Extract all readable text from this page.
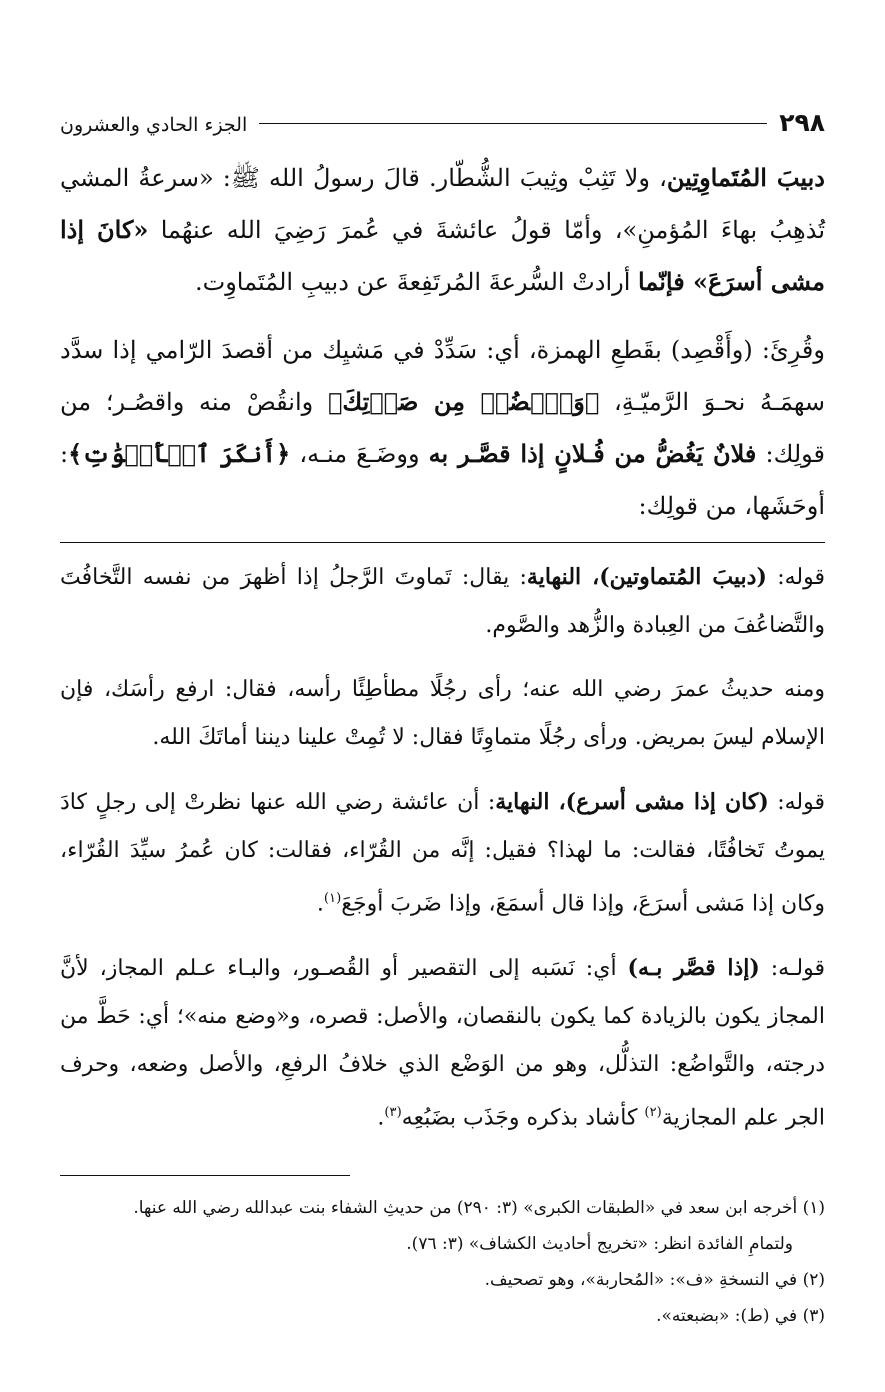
٢٩٨
الجزء الحادي والعشرون

دبيبَ المُتَماوِتِين، ولا تَثِبْ وثِيبَ الشُّطّار. قالَ رسولُ الله ﷺ: «سرعةُ المشي تُذهِبُ بهاءَ المُؤمنِ»، وأمّا قولُ عائشةَ في عُمرَ رَضِيَ الله عنهُما «كانَ إذا مشى أسرَعَ» فإنّما أرادتْ السُّرعةَ المُرتَفِعةَ عن دبيبِ المُتَماوِت.

وقُرِئَ: (وأَقْصِد) بقَطعِ الهمزة، أي: سَدِّدْ في مَشيِك من أقصدَ الرّامي إذا سدَّد سهمَـهُ نحـوَ الرَّميّـةِ، ﴿وَٱغۡضُضۡ مِن صَوۡتِكَ﴾ وانقُصْ منه واقصُـر؛ من قولِك: فلانٌ يَغُضُّ من فُـلانٍ إذا قصَّـر به ووضَـعَ منـه، ﴿أَنكَرَ ٱلۡأَصۡوَٰتِ﴾: أوحَشَها، من قولِك:

قوله: (دبيبَ المُتماوتين)، النهاية: يقال: تَماوتَ الرَّجلُ إذا أظهرَ من نفسه التَّخافُتَ والتَّضاعُفَ من العِبادة والزُّهد والصَّوم.

ومنه حديثُ عمرَ رضي الله عنه؛ رأى رجُلًا مطأطِئًا رأسه، فقال: ارفع رأسَك، فإن الإسلام ليسَ بمريض. ورأى رجُلًا متماوِتًا فقال: لا تُمِتْ علينا ديننا أماتَكَ الله.

قوله: (كان إذا مشى أسرع)، النهاية: أن عائشة رضي الله عنها نظرتْ إلى رجلٍ كادَ يموتُ تَخافُتًا، فقالت: ما لهذا؟ فقيل: إنَّه من القُرّاء، فقالت: كان عُمرُ سيِّدَ القُرّاء، وكان إذا مَشى أسرَعَ، وإذا قال أسمَعَ، وإذا ضَربَ أوجَعَ$^{(١)}$.

قولـه: (إذا قصَّر بـه) أي: نَسَبه إلى التقصير أو القُصـور، والبـاء عـلم المجاز، لأنَّ المجاز يكون بالزيادة كما يكون بالنقصان، والأصل: قصره، و«وضع منه»؛ أي: حَطَّ من درجته، والتَّواضُع: التذلُّل، وهو من الوَضْع الذي خلافُ الرفعِ، والأصل وضعه، وحرف الجر علم المجازية$^{(٢)}$ كأشاد بذكره وجَذَب بضَبُعِه$^{(٣)}$.

(١) أخرجه ابن سعد في «الطبقات الكبرى» (٣: ٢٩٠) من حديثِ الشفاء بنت عبدالله رضي الله عنها.

ولتمامِ الفائدة انظر: «تخريج أحاديث الكشاف» (٣: ٧٦).

(٢) في النسخةِ «ف»: «المُحاربة»، وهو تصحيف.

(٣) في (ط): «بضبعته».
